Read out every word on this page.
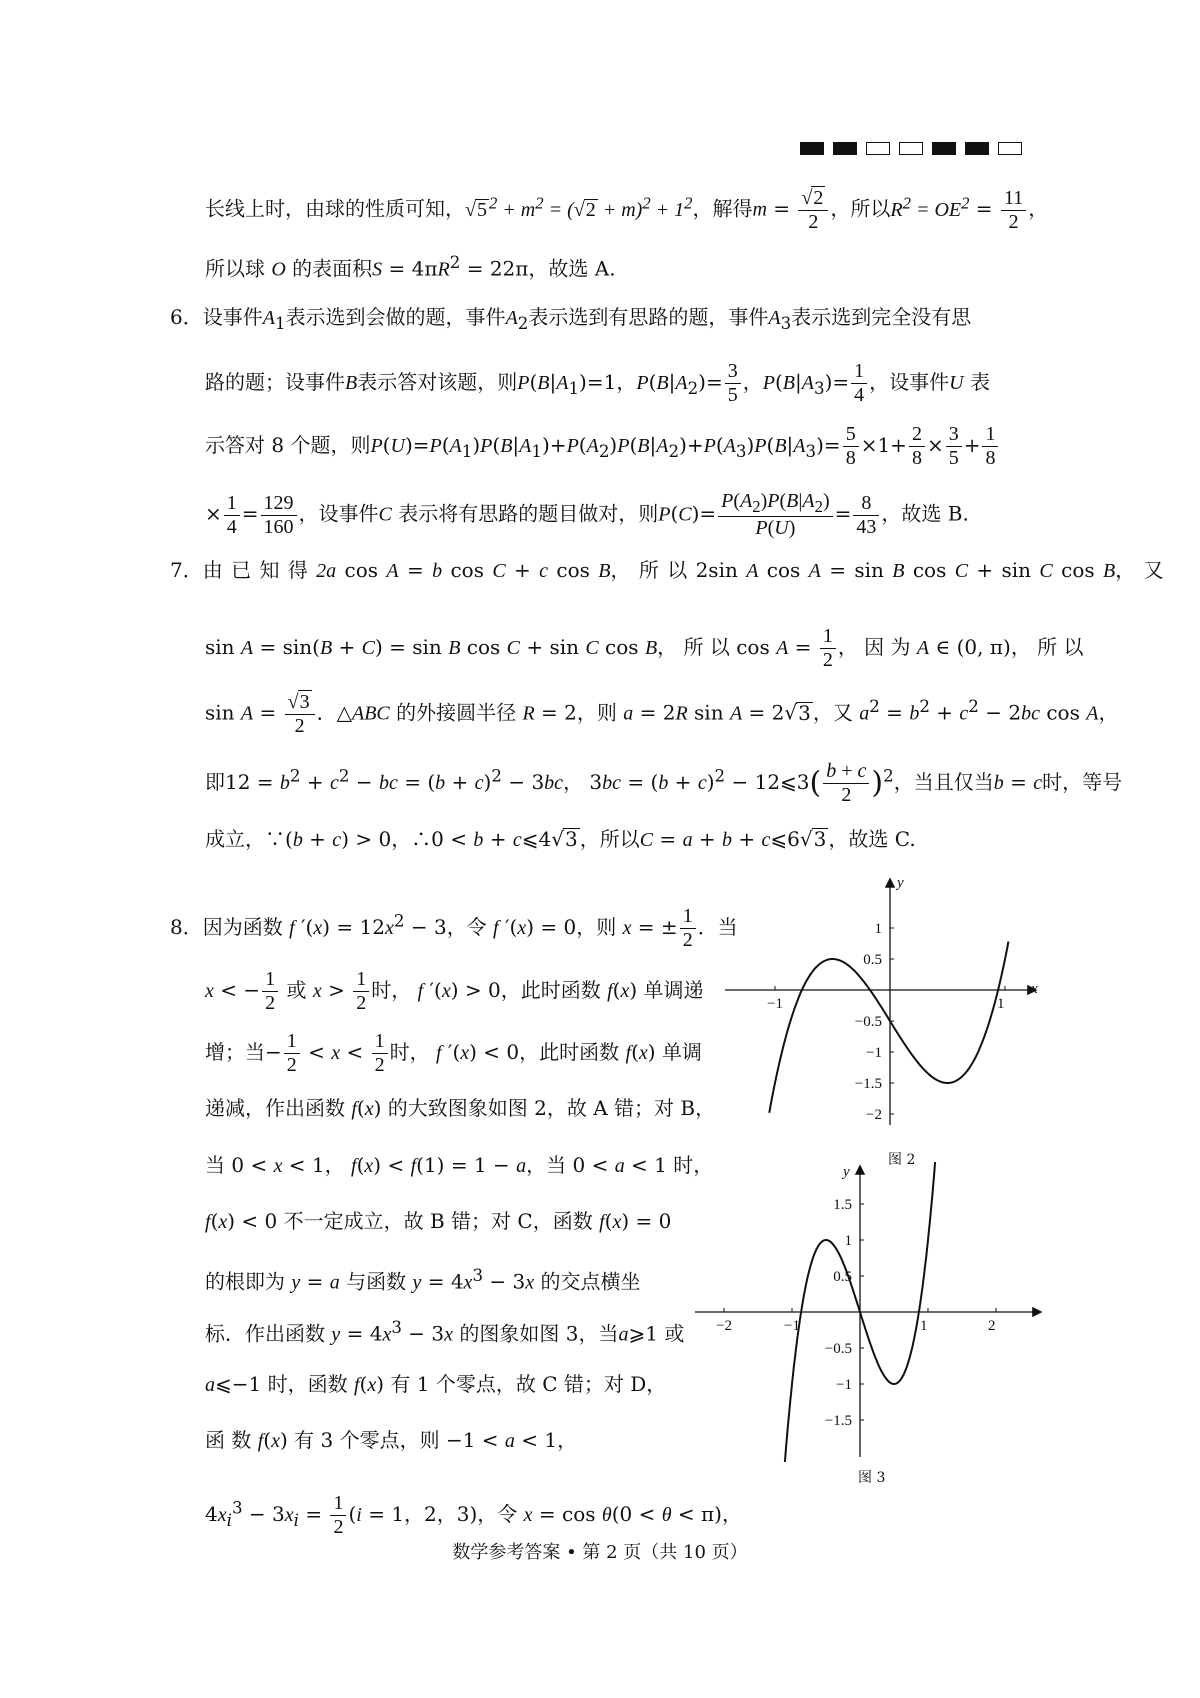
长线上时，由球的性质可知，√5 $^2 + m^2 = (√2 + m)^2 + 1^2$，解得$m = \frac{√2}{2}$ ，所以$R^2 = OE^2 = \frac{11}{2}$ ，
所以球 O 的表面积$S = 4\pi R^2 = 22\pi$，故选 A.
6．设事件$A_1$表示选到会做的题，事件$A_2$表示选到有思路的题，事件$A_3$表示选到完全没有思
路的题；设事件B表示答对该题，则$P(B|A_1)=1$，$P(B|A_2)= \frac{3}{5}$ ，$P(B|A_3)= \frac{1}{4}$ ，设事件U 表
示答对 8 个题，则$P(U)=P(A_1)P(B|A_1)+P(A_2)P(B|A_2)+P(A_3)P(B|A_3)= \frac{5}{8} \times 1+ \frac{2}{8} \times \frac{3}{5} + \frac{1}{8}$
× $\frac{1}{4} = \frac{129}{160}$ ，设事件C 表示将有思路的题目做对，则$P(C)= \frac{P(A_2)P(B|A_2)}{P(U)} = \frac{8}{43}$ ，故选 B.
7．由 已 知 得 2a cos A = b cos C + c cos B， 所 以 2sin A cos A = sin B cos C + sin C cos B， 又
sin A = sin(B + C) = sin B cos C + sin C cos B， 所 以 $\cos A = \frac{1}{2}$ ， 因 为 A ∈ (0, π)， 所 以
$\sin A = \frac{√3}{2}$ ．△ABC 的外接圆半径 R = 2，则 a = 2R sin A = 2√3 ，又 $a^2 = b^2 + c^2 - 2bc$ cos A，
即$12 = b^2 + c^2$ − bc = $(b + c)^2 - 3bc$， $3bc = (b + c)^2$ − 12⩽3( $\frac{b + c}{2} )^2$，当且仅当b = c时，等号
成立，∵(b + c) > 0，∴0 < b + c⩽4√3 ，所以C = a + b + c⩽6√3 ，故选 C.
8．因为函数 f $'(x) = 12x^2 - 3$，令 f ′(x) = 0，则 x = ± $\frac{1}{2}$ ．当
x < − $\frac{1}{2}$ 或 $x > \frac{1}{2}$ 时， f ′(x) > 0，此时函数 f(x) 单调递
增；当− $\frac{1}{2} < x < \frac{1}{2}$ 时， f ′(x) < 0，此时函数 f(x) 单调
递减，作出函数 f(x) 的大致图象如图 2，故 A 错；对 B，
当 0 < x < 1， f(x) < f(1) = 1 − a，当 0 < a < 1 时，
f(x) < 0 不一定成立，故 B 错；对 C，函数 f(x) = 0
的根即为 y = a 与函数 $y = 4x^3 - 3x$ 的交点横坐
标．作出函数 $y = 4x^3 - 3x$ 的图象如图 3，当a⩾1 或
a⩽−1 时，函数 f(x) 有 1 个零点，故 C 错；对 D，
函 数 f(x) 有 3 个零点，则 −1 < a < 1，
$4x_i^3 - 3x_i = \frac{1}{2} (i = 1$，2，3)，令 x = cos θ(0 < θ < π)，
x
y
−1	1
1
0.5
−0.5
−1
−1.5
−2
图 2
y
−2	−1	1	2
1.5
1
0.5
−0.5
−1
−1.5
图 3
数学参考答案 • 第 2 页（共 10 页）
